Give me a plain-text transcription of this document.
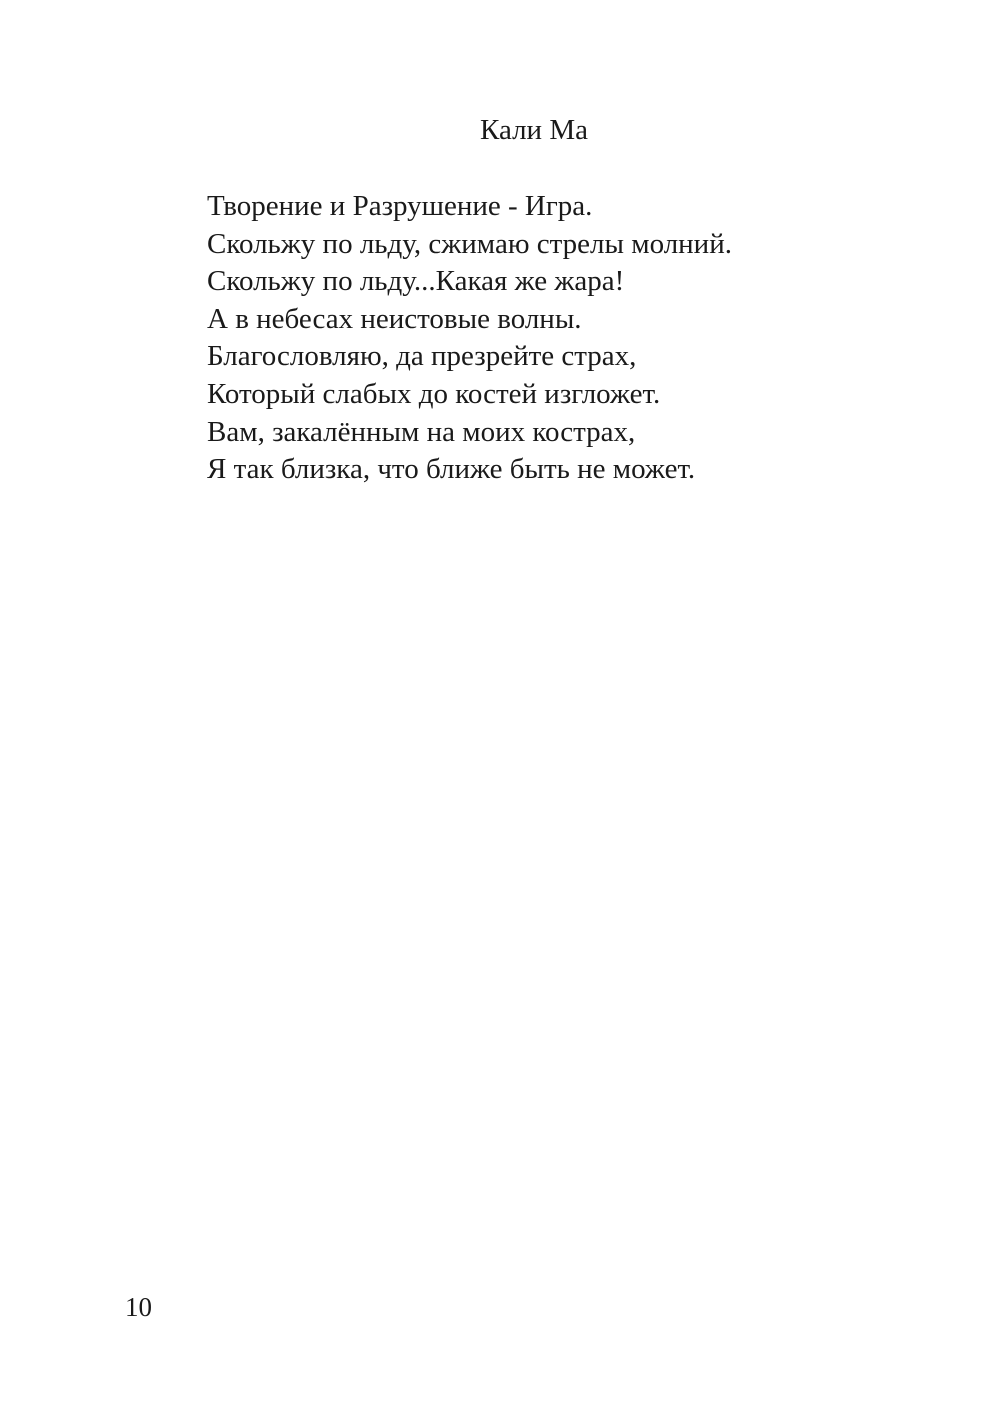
Кали Ма
Творение и Разрушение - Игра.
Скольжу по льду, сжимаю стрелы молний.
Скольжу по льду...Какая же жара!
А в небесах неистовые волны.
Благословляю, да презрейте страх,
Который слабых до костей изгложет.
Вам, закалённым на моих кострах,
Я так близка, что ближе быть не может.
10
